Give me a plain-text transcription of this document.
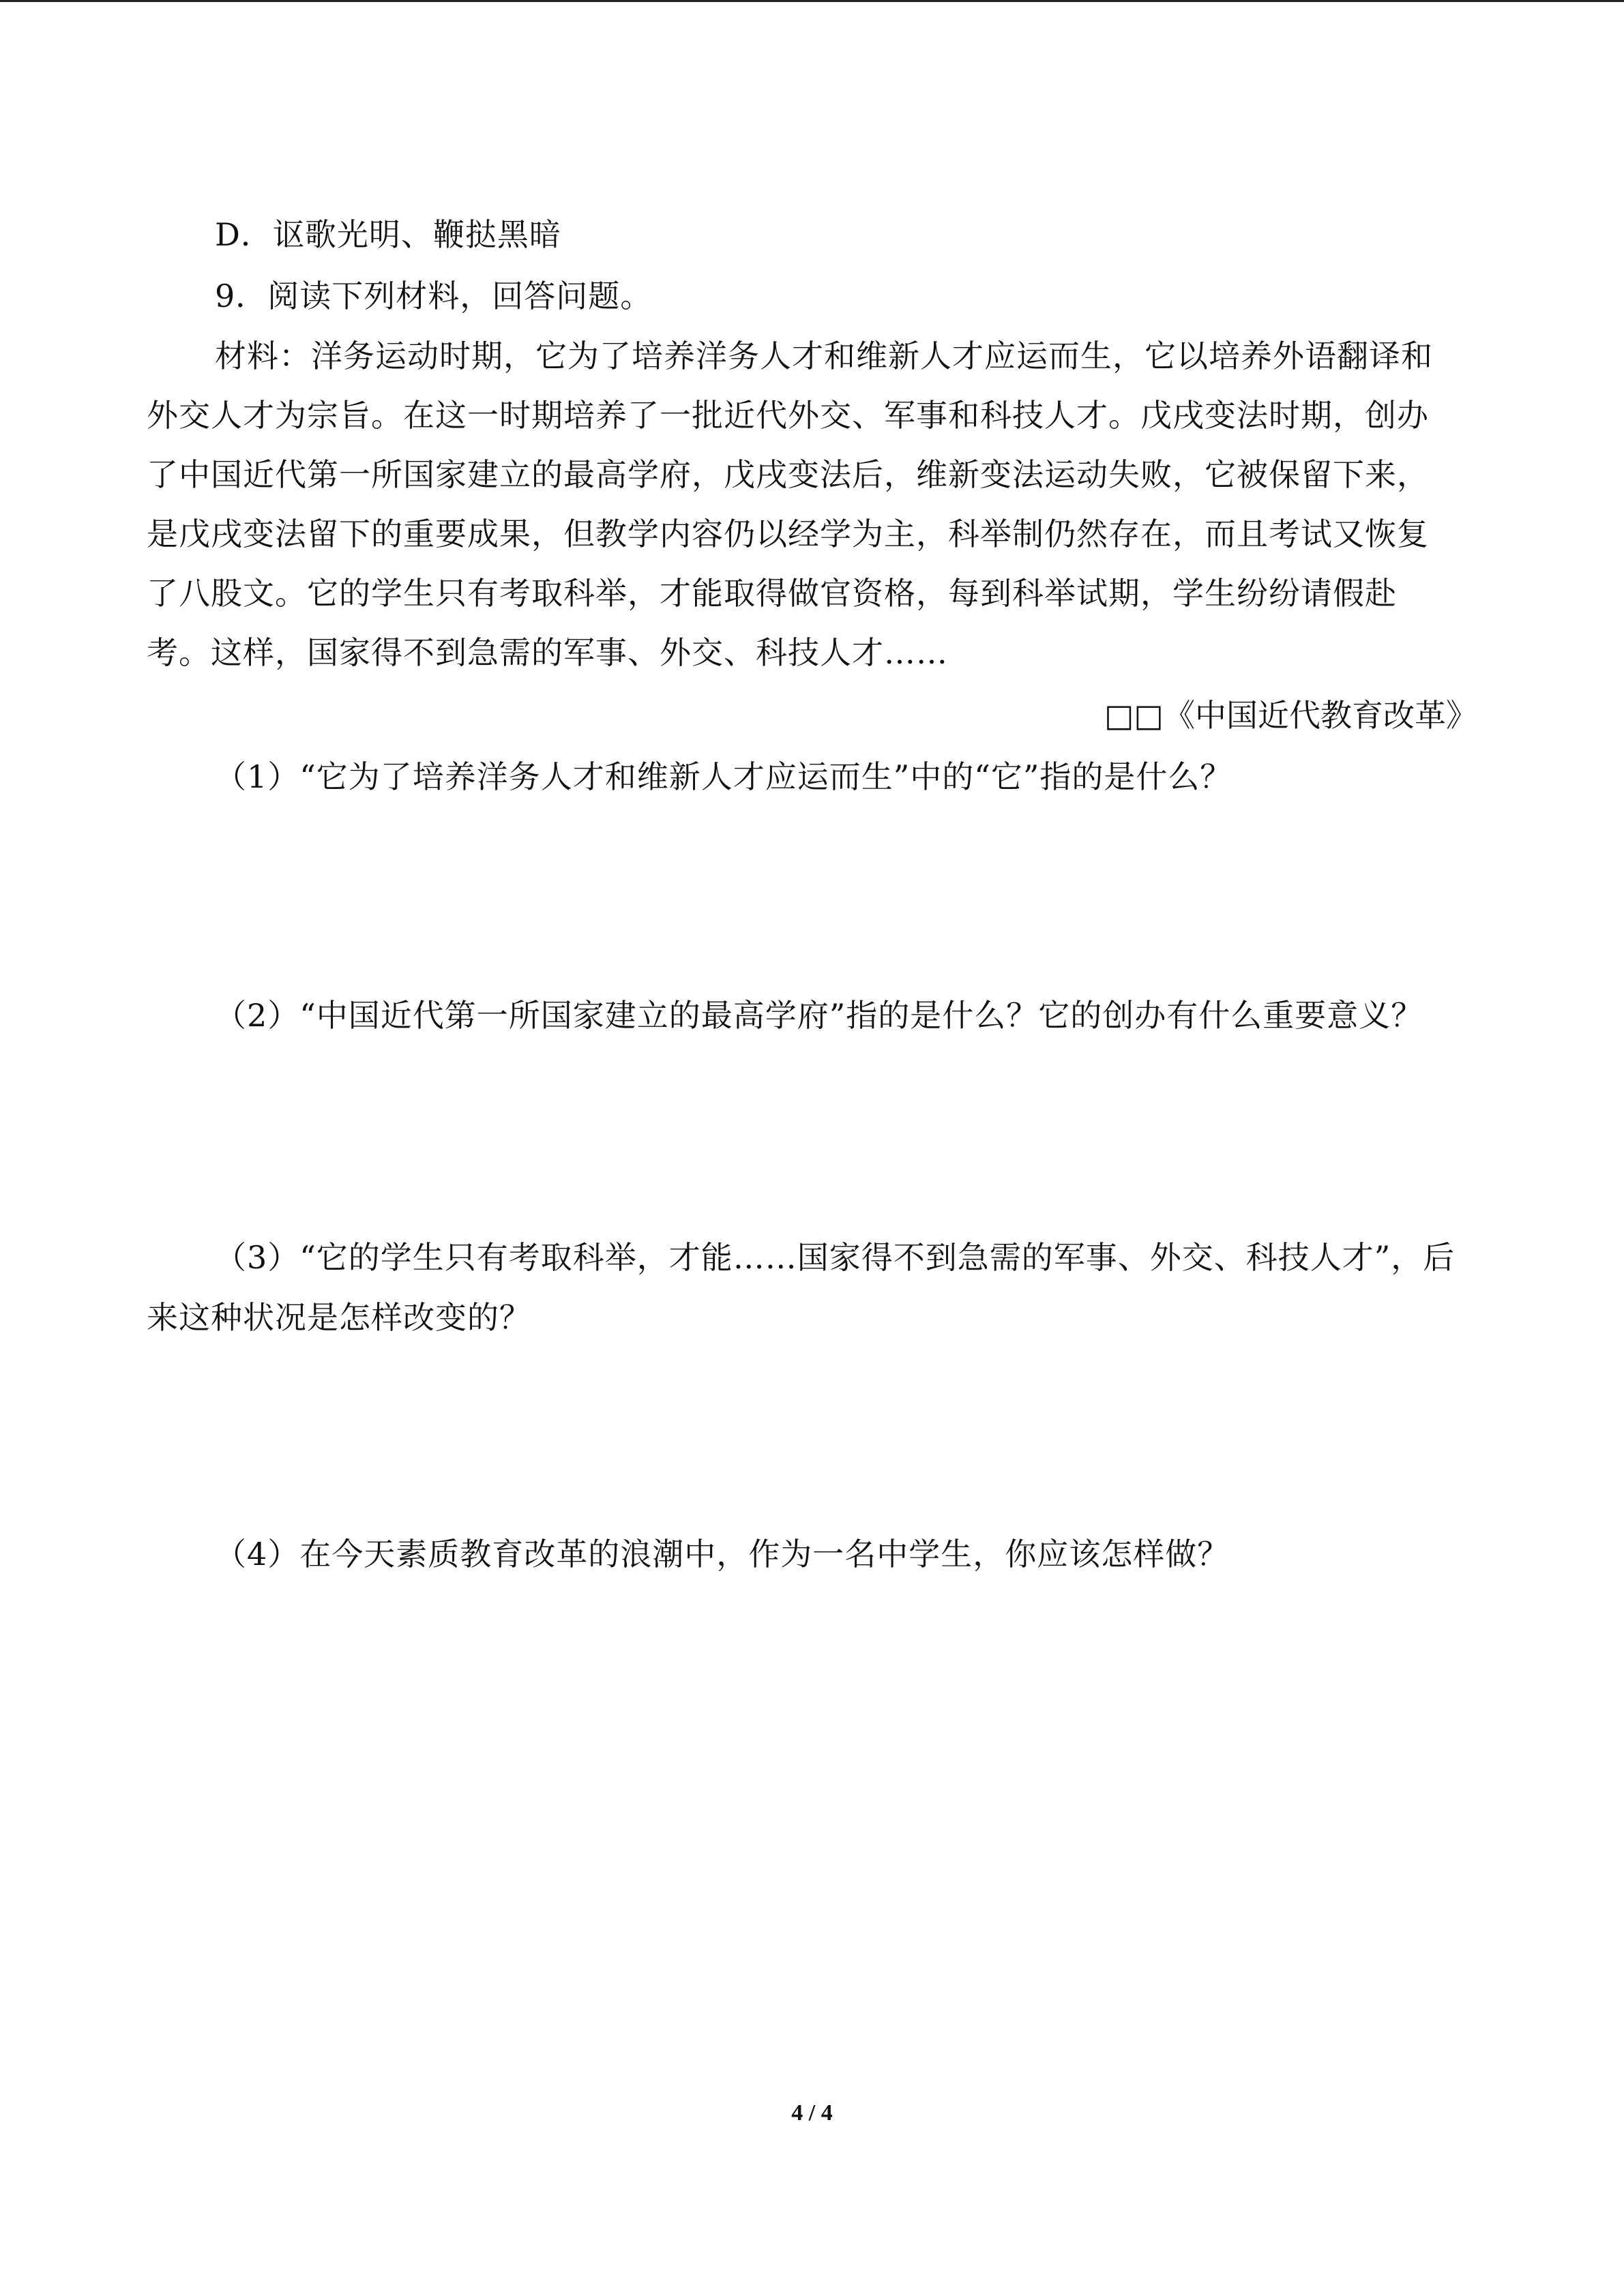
D．讴歌光明、鞭挞黑暗
9．阅读下列材料，回答问题。
材料：洋务运动时期，它为了培养洋务人才和维新人才应运而生，它以培养外语翻译和
外交人才为宗旨。在这一时期培养了一批近代外交、军事和科技人才。戊戌变法时期，创办
了中国近代第一所国家建立的最高学府，戊戌变法后，维新变法运动失败，它被保留下来，
是戊戌变法留下的重要成果，但教学内容仍以经学为主，科举制仍然存在，而且考试又恢复
了八股文。它的学生只有考取科举，才能取得做官资格，每到科举试期，学生纷纷请假赴
考。这样，国家得不到急需的军事、外交、科技人才……
□□《中国近代教育改革》
（1）“它为了培养洋务人才和维新人才应运而生”中的“它”指的是什么？
（2）“中国近代第一所国家建立的最高学府”指的是什么？它的创办有什么重要意义？
（3）“它的学生只有考取科举，才能……国家得不到急需的军事、外交、科技人才”，后
来这种状况是怎样改变的？
（4）在今天素质教育改革的浪潮中，作为一名中学生，你应该怎样做？
4 / 4
